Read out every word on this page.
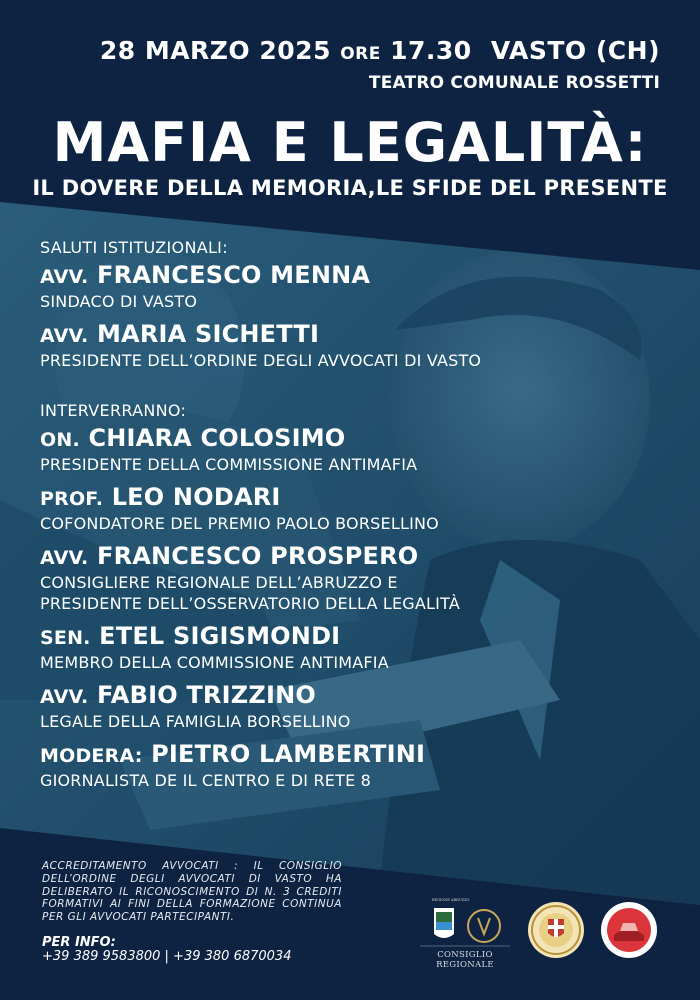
28 MARZO 2025 ORE 17.30 VASTO (CH)
TEATRO COMUNALE ROSSETTI
MAFIA E LEGALITÀ:
IL DOVERE DELLA MEMORIA,LE SFIDE DEL PRESENTE
SALUTI ISTITUZIONALI:
AVV. FRANCESCO MENNA
SINDACO DI VASTO
AVV. MARIA SICHETTI
PRESIDENTE DELL’ORDINE DEGLI AVVOCATI DI VASTO
INTERVERRANNO:
ON. CHIARA COLOSIMO
PRESIDENTE DELLA COMMISSIONE ANTIMAFIA
PROF. LEO NODARI
COFONDATORE DEL PREMIO PAOLO BORSELLINO
AVV. FRANCESCO PROSPERO
CONSIGLIERE REGIONALE DELL’ABRUZZO E
PRESIDENTE DELL’OSSERVATORIO DELLA LEGALITÀ
SEN. ETEL SIGISMONDI
MEMBRO DELLA COMMISSIONE ANTIMAFIA
AVV. FABIO TRIZZINO
LEGALE DELLA FAMIGLIA BORSELLINO
MODERA: PIETRO LAMBERTINI
GIORNALISTA DE IL CENTRO E DI RETE 8
ACCREDITAMENTO AVVOCATI : IL CONSIGLIO DELL’ORDINE DEGLI AVVOCATI DI VASTO HA DELIBERATO IL RICONOSCIMENTO DI N. 3 CREDITI FORMATIVI AI FINI DELLA FORMAZIONE CONTINUA PER GLI AVVOCATI PARTECIPANTI.
PER INFO:
+39 389 9583800 | +39 380 6870034
REGIONE ABRUZZO
CONSIGLIO REGIONALE
